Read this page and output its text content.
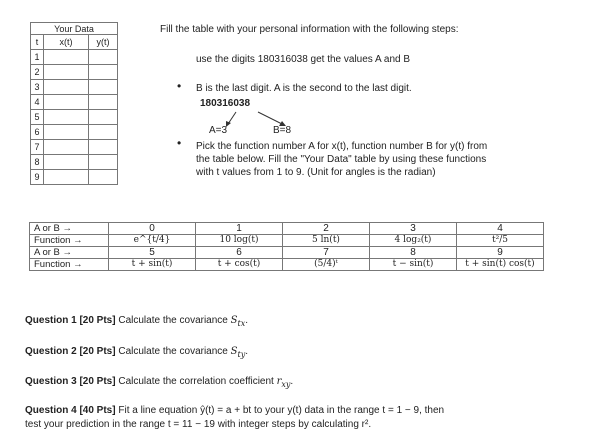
Your Data		
t	x(t)	y(t)
1		
2		
3		
4		
5		
6		
7		
8		
9		
Fill the table with your personal information with the following steps:
use the digits 180316038 get the values A and B
• B is the last digit. A is the second to the last digit.
180316038
A=3	B=8
• Pick the function number A for x(t), function number B for y(t) from
the table below. Fill the "Your Data" table by using these functions
with t values from 1 to 9. (Unit for angles is the radian)
A or B →	0	1	2	3	4
Function →	e^{t/4}	10 log(t)	5 ln(t)	4 log₂(t)	t²/5
A or B →	5	6	7	8	9
Function →	t + sin(t)	t + cos(t)	(5/4)ᵗ	t − sin(t)	t + sin(t) cos(t)
Question 1 [20 Pts] Calculate the covariance $S_{tx}$.
Question 2 [20 Pts] Calculate the covariance $S_{ty}$.
Question 3 [20 Pts] Calculate the correlation coefficient $r_{xy}$.
Question 4 [40 Pts] Fit a line equation ŷ(t) = a + bt to your y(t) data in the range t = 1 − 9, then
test your prediction in the range t = 11 − 19 with integer steps by calculating r².
